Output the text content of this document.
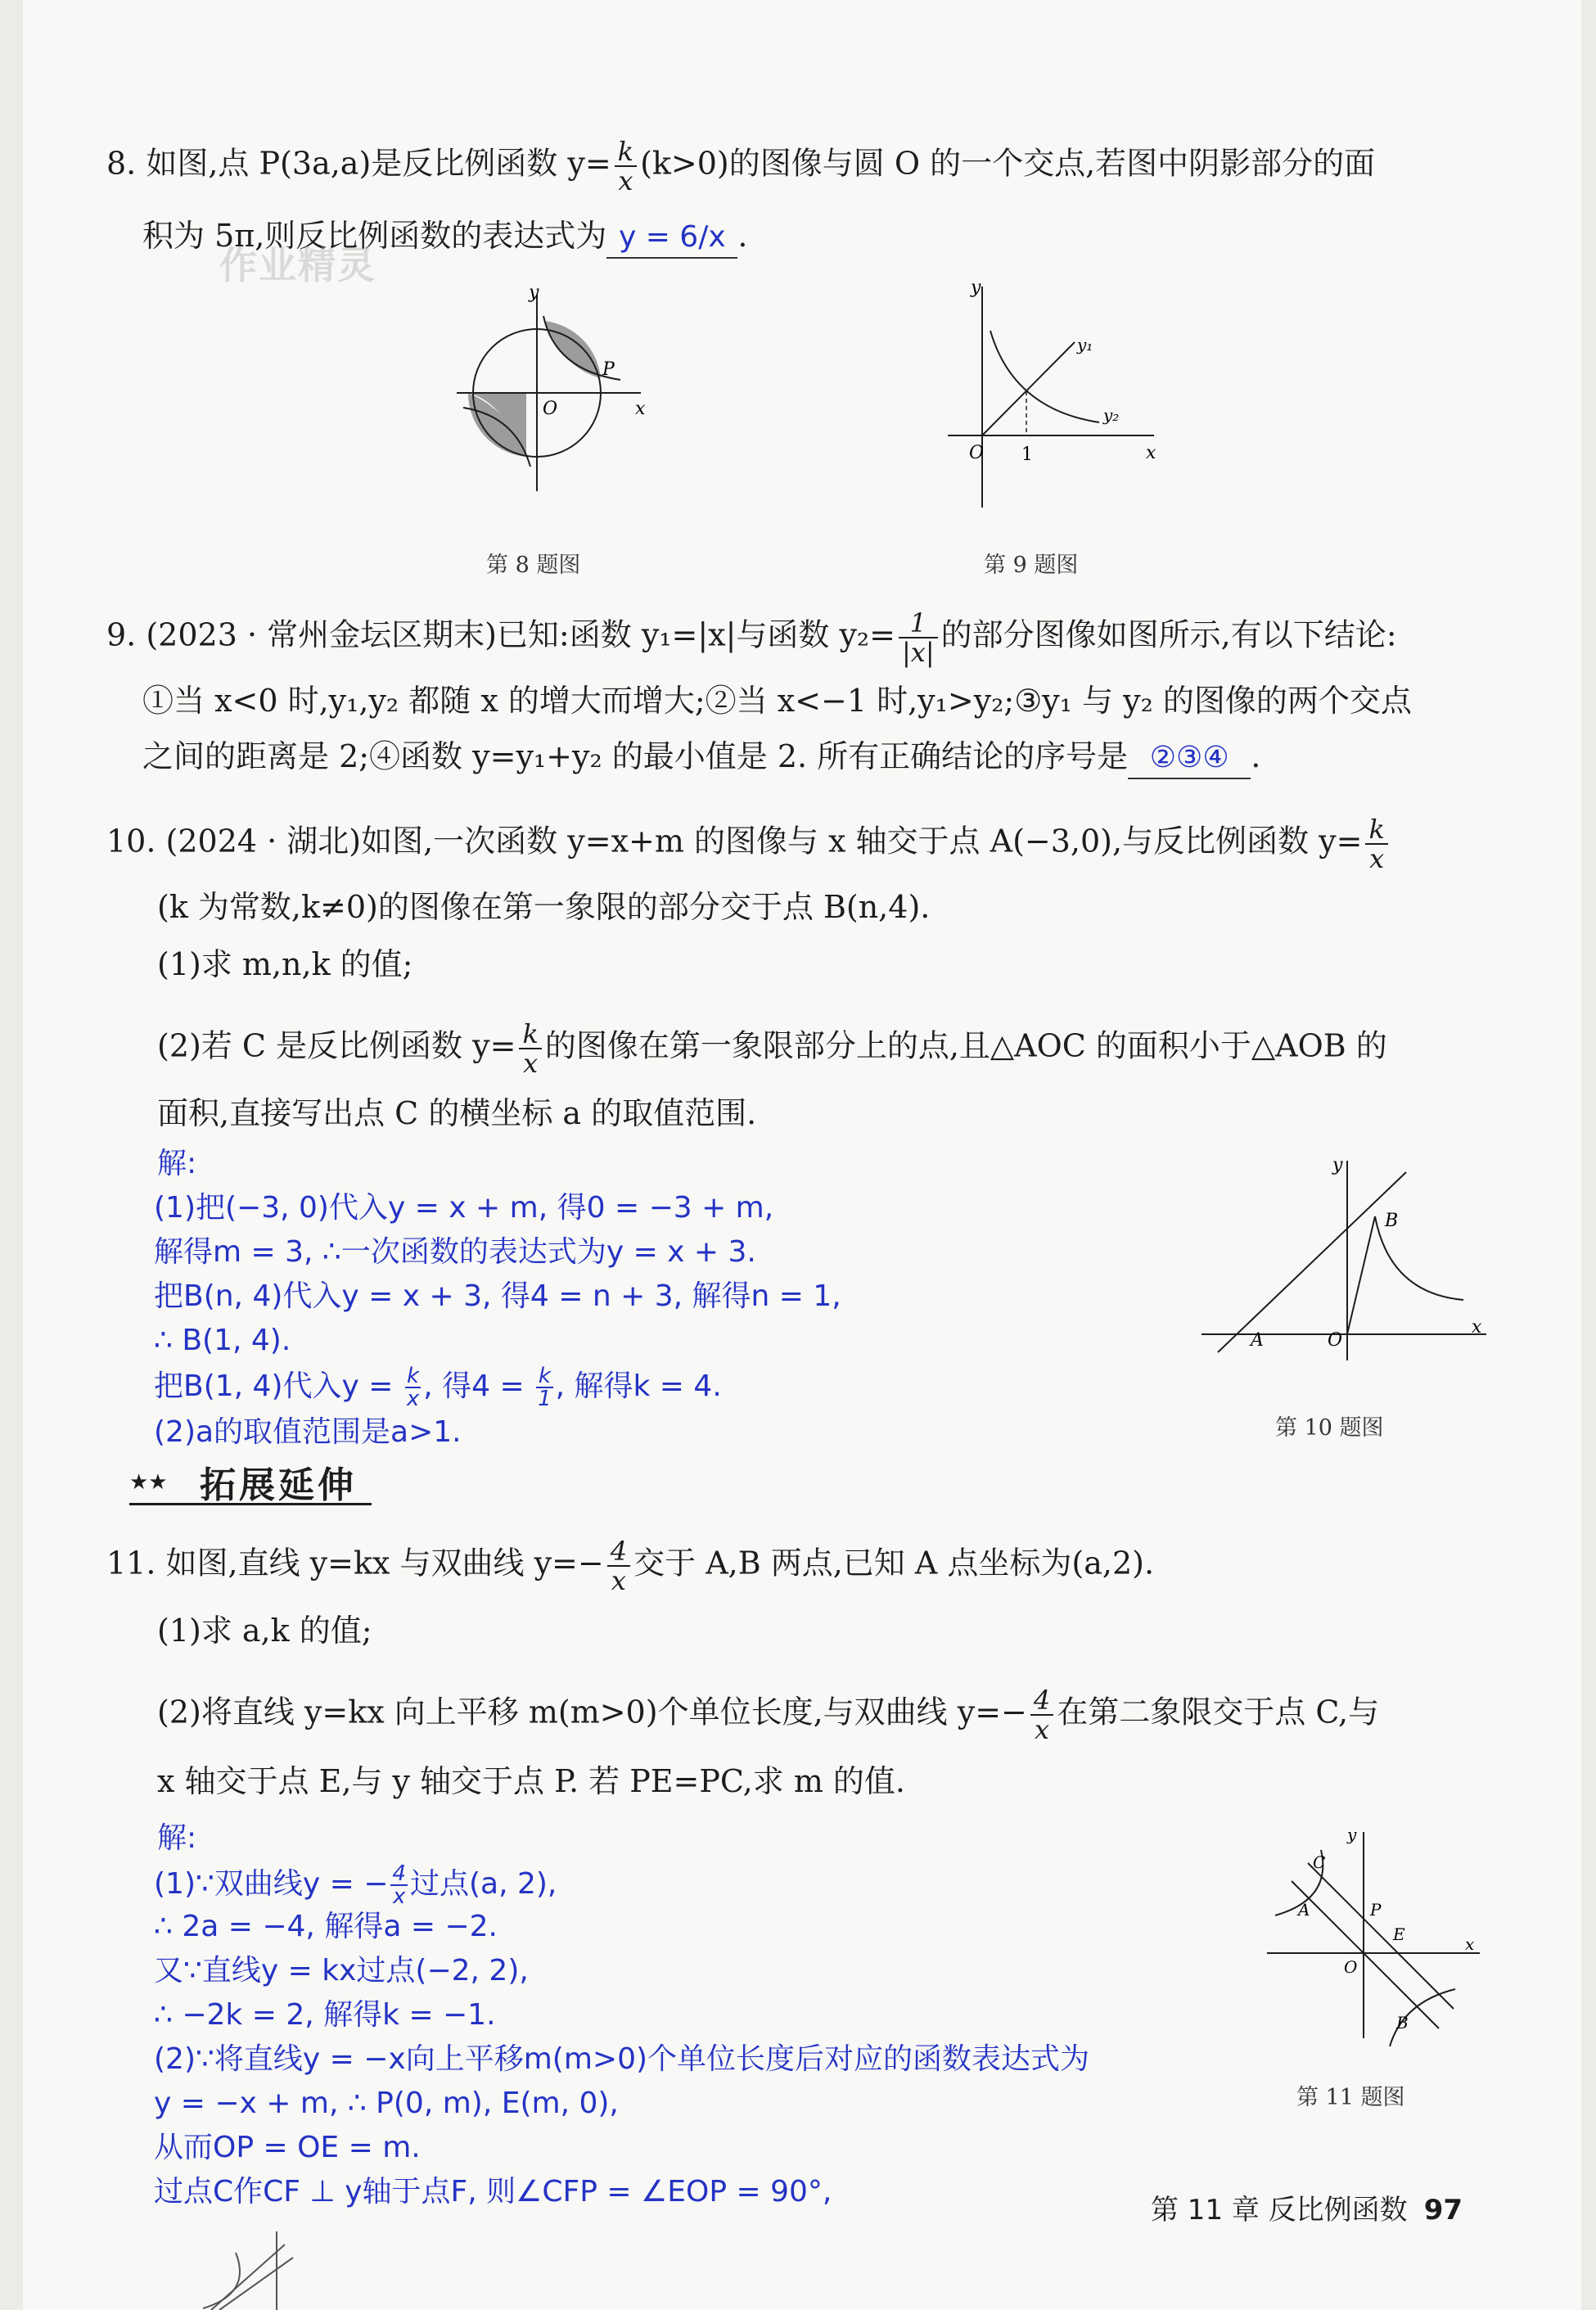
8. 如图,点 P(3a,a)是反比例函数 $y= \frac{k}{x} (k>0)$的图像与圆 O 的一个交点,若图中阴影部分的面
积为 5π,则反比例函数的表达式为 y = 6/x .
作业精灵
y
x
O
P
第 8 题图
y
x
O 1
y₁
y₂
第 9 题图
9. (2023 · 常州金坛区期末)已知:函数 y₁=|x|与函数 $y_2= \frac{1}{|x|}$ 的部分图像如图所示,有以下结论:
①当 x<0 时,y₁,y₂ 都随 x 的增大而增大;②当 x<−1 时,y₁>y₂;③y₁ 与 y₂ 的图像的两个交点
之间的距离是 2;④函数 y=y₁+y₂ 的最小值是 2. 所有正确结论的序号是 ②③④ .
10. (2024 · 湖北)如图,一次函数 y=x+m 的图像与 x 轴交于点 A(−3,0),与反比例函数 $y= \frac{k}{x}$
(k 为常数,k≠0)的图像在第一象限的部分交于点 B(n,4).
(1)求 m,n,k 的值;
(2)若 C 是反比例函数 $y= \frac{k}{x}$ 的图像在第一象限部分上的点,且△AOC 的面积小于△AOB 的
面积,直接写出点 C 的横坐标 a 的取值范围.
解:
(1)把(−3, 0)代入y = x + m, 得0 = −3 + m,
解得m = 3, ∴一次函数的表达式为y = x + 3.
把B(n, 4)代入y = x + 3, 得4 = n + 3, 解得n = 1,
∴ B(1, 4).
把B(1, 4)代入$y = \frac{k}{x}$ , 得$4 = \frac{k}{1}$ , 解得k = 4.
(2)a的取值范围是a>1.
y
x
O
A
B
第 10 题图
★★ 拓展延伸
11. 如图,直线 y=kx 与双曲线 $y=- \frac{4}{x}$ 交于 A,B 两点,已知 A 点坐标为(a,2).
(1)求 a,k 的值;
(2)将直线 y=kx 向上平移 m(m>0)个单位长度,与双曲线 $y=- \frac{4}{x}$ 在第二象限交于点 C,与
x 轴交于点 E,与 y 轴交于点 P. 若 PE=PC,求 m 的值.
解:
(1)∵双曲线y = − $\frac{4}{x}$ 过点(a, 2),
∴ 2a = −4, 解得a = −2.
又∵直线y = kx过点(−2, 2),
∴ −2k = 2, 解得k = −1.
(2)∵将直线y = −x向上平移m(m>0)个单位长度后对应的函数表达式为
y = −x + m, ∴ P(0, m), E(m, 0),
从而OP = OE = m.
过点C作CF ⊥ y轴于点F, 则∠CFP = ∠EOP = 90°,
y
x
O
A
B
C
P
E
第 11 题图
第 11 章 反比例函数 97
